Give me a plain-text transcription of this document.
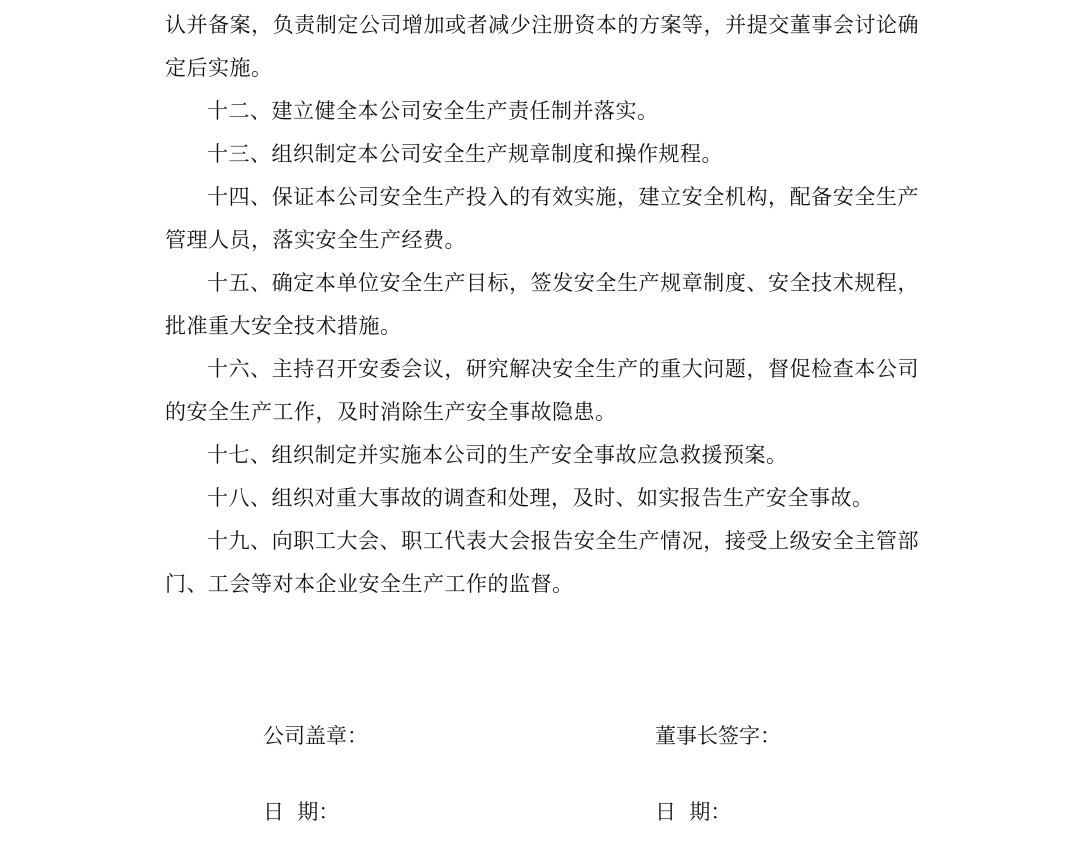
认并备案，负责制定公司增加或者减少注册资本的方案等，并提交董事会讨论确定后实施。

十二、建立健全本公司安全生产责任制并落实。

十三、组织制定本公司安全生产规章制度和操作规程。

十四、保证本公司安全生产投入的有效实施，建立安全机构，配备安全生产管理人员，落实安全生产经费。

十五、确定本单位安全生产目标，签发安全生产规章制度、安全技术规程，批准重大安全技术措施。

十六、主持召开安委会议，研究解决安全生产的重大问题，督促检查本公司的安全生产工作，及时消除生产安全事故隐患。

十七、组织制定并实施本公司的生产安全事故应急救援预案。

十八、组织对重大事故的调查和处理，及时、如实报告生产安全事故。

十九、向职工大会、职工代表大会报告安全生产情况，接受上级安全主管部门、工会等对本企业安全生产工作的监督。

公司盖章：	董事长签字：
日  期：	日  期：
